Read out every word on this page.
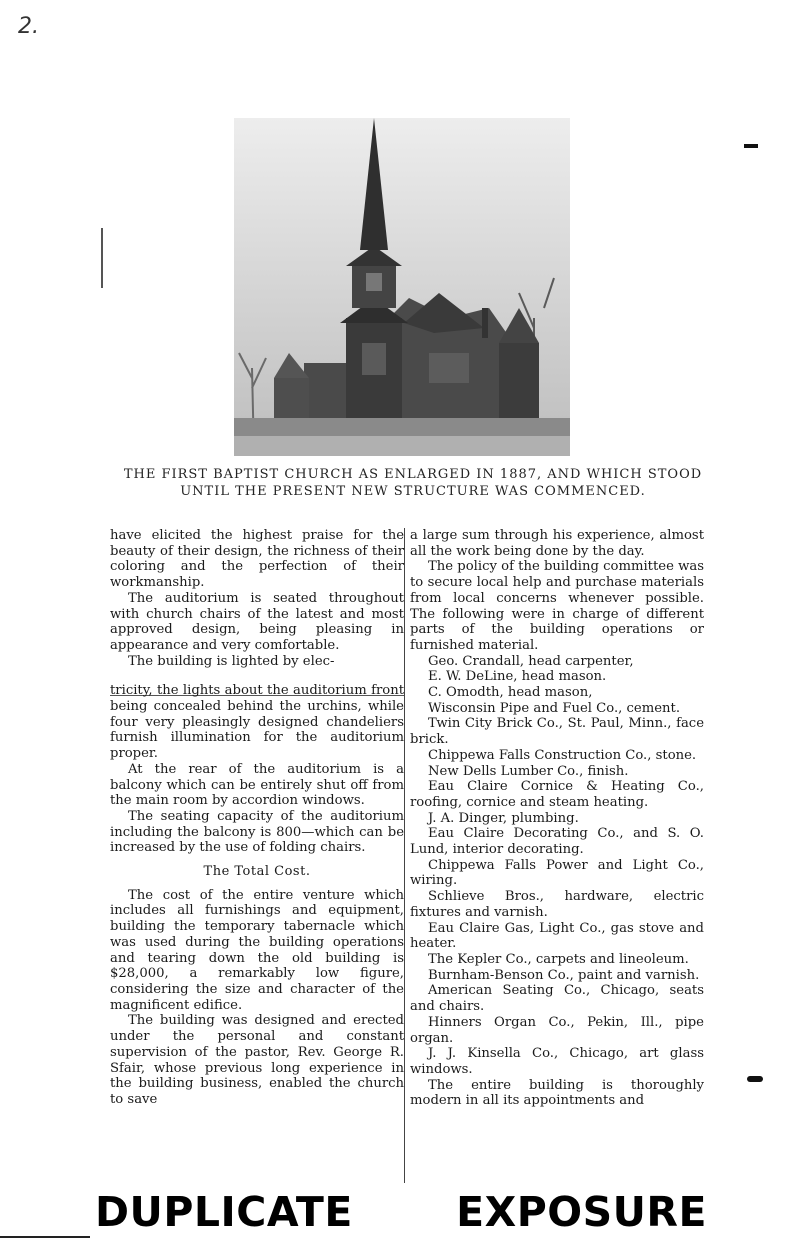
2.
THE FIRST BAPTIST CHURCH AS ENLARGED IN 1887, AND WHICH STOOD UNTIL THE PRESENT NEW STRUCTURE WAS COMMENCED.

have elicited the highest praise for the beauty of their design, the richness of their coloring and the perfection of their workmanship.

The auditorium is seated throughout with church chairs of the latest and most approved design, being pleasing in appearance and very comfortable.

The building is lighted by elec-

tricity, the lights about the auditorium front being concealed behind the urchins, while four very pleasingly designed chandeliers furnish illumination for the auditorium proper.

At the rear of the auditorium is a balcony which can be entirely shut off from the main room by accordion windows.

The seating capacity of the auditorium including the balcony is 800—which can be increased by the use of folding chairs.

The Total Cost.

The cost of the entire venture which includes all furnishings and equipment, building the temporary tabernacle which was used during the building operations and tearing down the old building is $28,000, a remarkably low figure, considering the size and character of the magnificent edifice.

The building was designed and erected under the personal and constant supervision of the pastor, Rev. George R. Sfair, whose previous long experience in the building business, enabled the church to save

a large sum through his experience, almost all the work being done by the day.

The policy of the building committee was to secure local help and purchase materials from local concerns whenever possible. The following were in charge of different parts of the building operations or furnished material.

Geo. Crandall, head carpenter,

E. W. DeLine, head mason.

C. Omodth, head mason,

Wisconsin Pipe and Fuel Co., cement.

Twin City Brick Co., St. Paul, Minn., face brick.

Chippewa Falls Construction Co., stone.

New Dells Lumber Co., finish.

Eau Claire Cornice & Heating Co., roofing, cornice and steam heating.

J. A. Dinger, plumbing.

Eau Claire Decorating Co., and S. O. Lund, interior decorating.

Chippewa Falls Power and Light Co., wiring.

Schlieve Bros., hardware, electric fixtures and varnish.

Eau Claire Gas, Light Co., gas stove and heater.

The Kepler Co., carpets and lineoleum.

Burnham-Benson Co., paint and varnish.

American Seating Co., Chicago, seats and chairs.

Hinners Organ Co., Pekin, Ill., pipe organ.

J. J. Kinsella Co., Chicago, art glass windows.

The entire building is thoroughly modern in all its appointments and

DUPLICATE	EXPOSURE
